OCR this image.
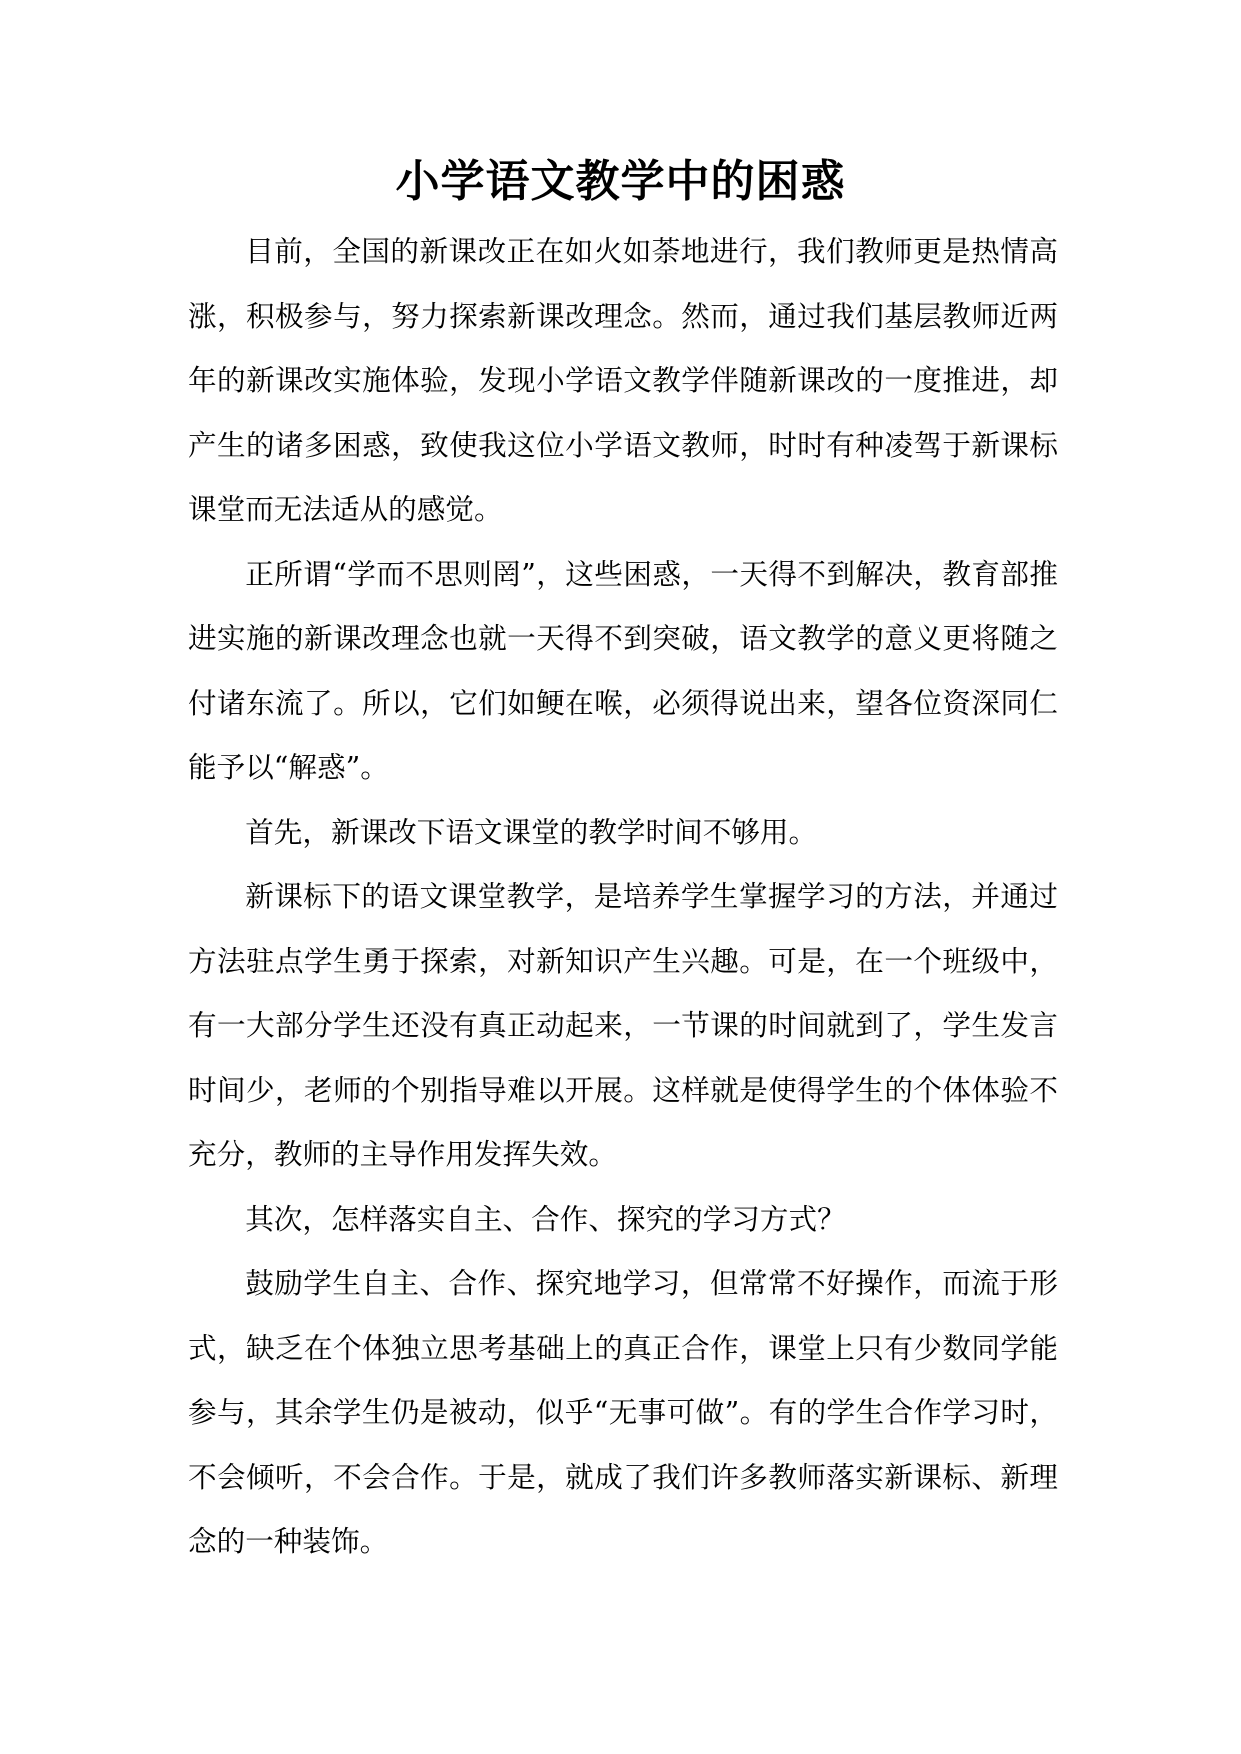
小学语文教学中的困惑

目前，全国的新课改正在如火如荼地进行，我们教师更是热情高涨，积极参与，努力探索新课改理念。然而，通过我们基层教师近两年的新课改实施体验，发现小学语文教学伴随新课改的一度推进，却产生的诸多困惑，致使我这位小学语文教师，时时有种凌驾于新课标课堂而无法适从的感觉。

正所谓“学而不思则罔”，这些困惑，一天得不到解决，教育部推进实施的新课改理念也就一天得不到突破，语文教学的意义更将随之付诸东流了。所以，它们如鲠在喉，必须得说出来，望各位资深同仁能予以“解惑”。

首先，新课改下语文课堂的教学时间不够用。

新课标下的语文课堂教学，是培养学生掌握学习的方法，并通过方法驻点学生勇于探索，对新知识产生兴趣。可是，在一个班级中，有一大部分学生还没有真正动起来，一节课的时间就到了，学生发言时间少，老师的个别指导难以开展。这样就是使得学生的个体体验不充分，教师的主导作用发挥失效。

其次，怎样落实自主、合作、探究的学习方式？

鼓励学生自主、合作、探究地学习，但常常不好操作，而流于形式，缺乏在个体独立思考基础上的真正合作，课堂上只有少数同学能参与，其余学生仍是被动，似乎“无事可做”。有的学生合作学习时，不会倾听，不会合作。于是，就成了我们许多教师落实新课标、新理念的一种装饰。
